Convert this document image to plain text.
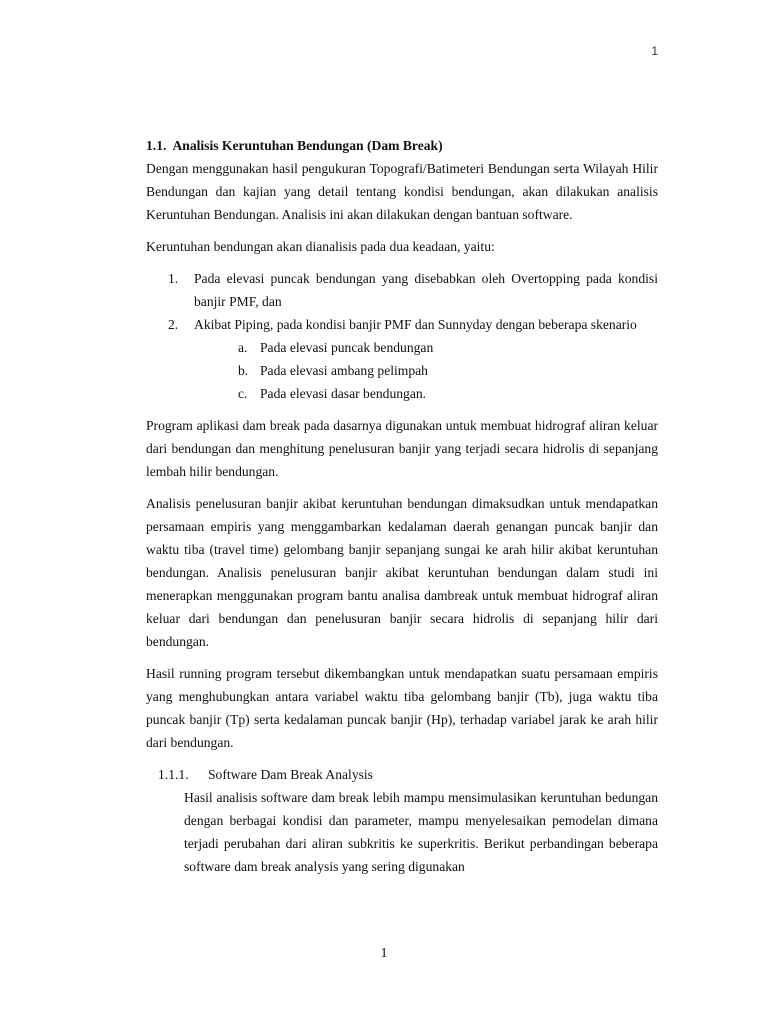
1
1.1. Analisis Keruntuhan Bendungan (Dam Break)

Dengan menggunakan hasil pengukuran Topografi/Batimeteri Bendungan serta Wilayah Hilir Bendungan dan kajian yang detail tentang kondisi bendungan, akan dilakukan analisis Keruntuhan Bendungan. Analisis ini akan dilakukan dengan bantuan software.

Keruntuhan bendungan akan dianalisis pada dua keadaan, yaitu:

1.	Pada elevasi puncak bendungan yang disebabkan oleh Overtopping pada kondisi banjir PMF, dan
2.	Akibat Piping, pada kondisi banjir PMF dan Sunnyday dengan beberapa skenario
a. Pada elevasi puncak bendungan
b. Pada elevasi ambang pelimpah
c. Pada elevasi dasar bendungan.

Program aplikasi dam break pada dasarnya digunakan untuk membuat hidrograf aliran keluar dari bendungan dan menghitung penelusuran banjir yang terjadi secara hidrolis di sepanjang lembah hilir bendungan.

Analisis penelusuran banjir akibat keruntuhan bendungan dimaksudkan untuk mendapatkan persamaan empiris yang menggambarkan kedalaman daerah genangan puncak banjir dan waktu tiba (travel time) gelombang banjir sepanjang sungai ke arah hilir akibat keruntuhan bendungan. Analisis penelusuran banjir akibat keruntuhan bendungan dalam studi ini menerapkan menggunakan program bantu analisa dambreak untuk membuat hidrograf aliran keluar dari bendungan dan penelusuran banjir secara hidrolis di sepanjang hilir dari bendungan.

Hasil running program tersebut dikembangkan untuk mendapatkan suatu persamaan empiris yang menghubungkan antara variabel waktu tiba gelombang banjir (Tb), juga waktu tiba puncak banjir (Tp) serta kedalaman puncak banjir (Hp), terhadap variabel jarak ke arah hilir dari bendungan.

1.1.1.	Software Dam Break Analysis
Hasil analisis software dam break lebih mampu mensimulasikan keruntuhan bedungan dengan berbagai kondisi dan parameter, mampu menyelesaikan pemodelan dimana terjadi perubahan dari aliran subkritis ke superkritis. Berikut perbandingan beberapa software dam break analysis yang sering digunakan
1
